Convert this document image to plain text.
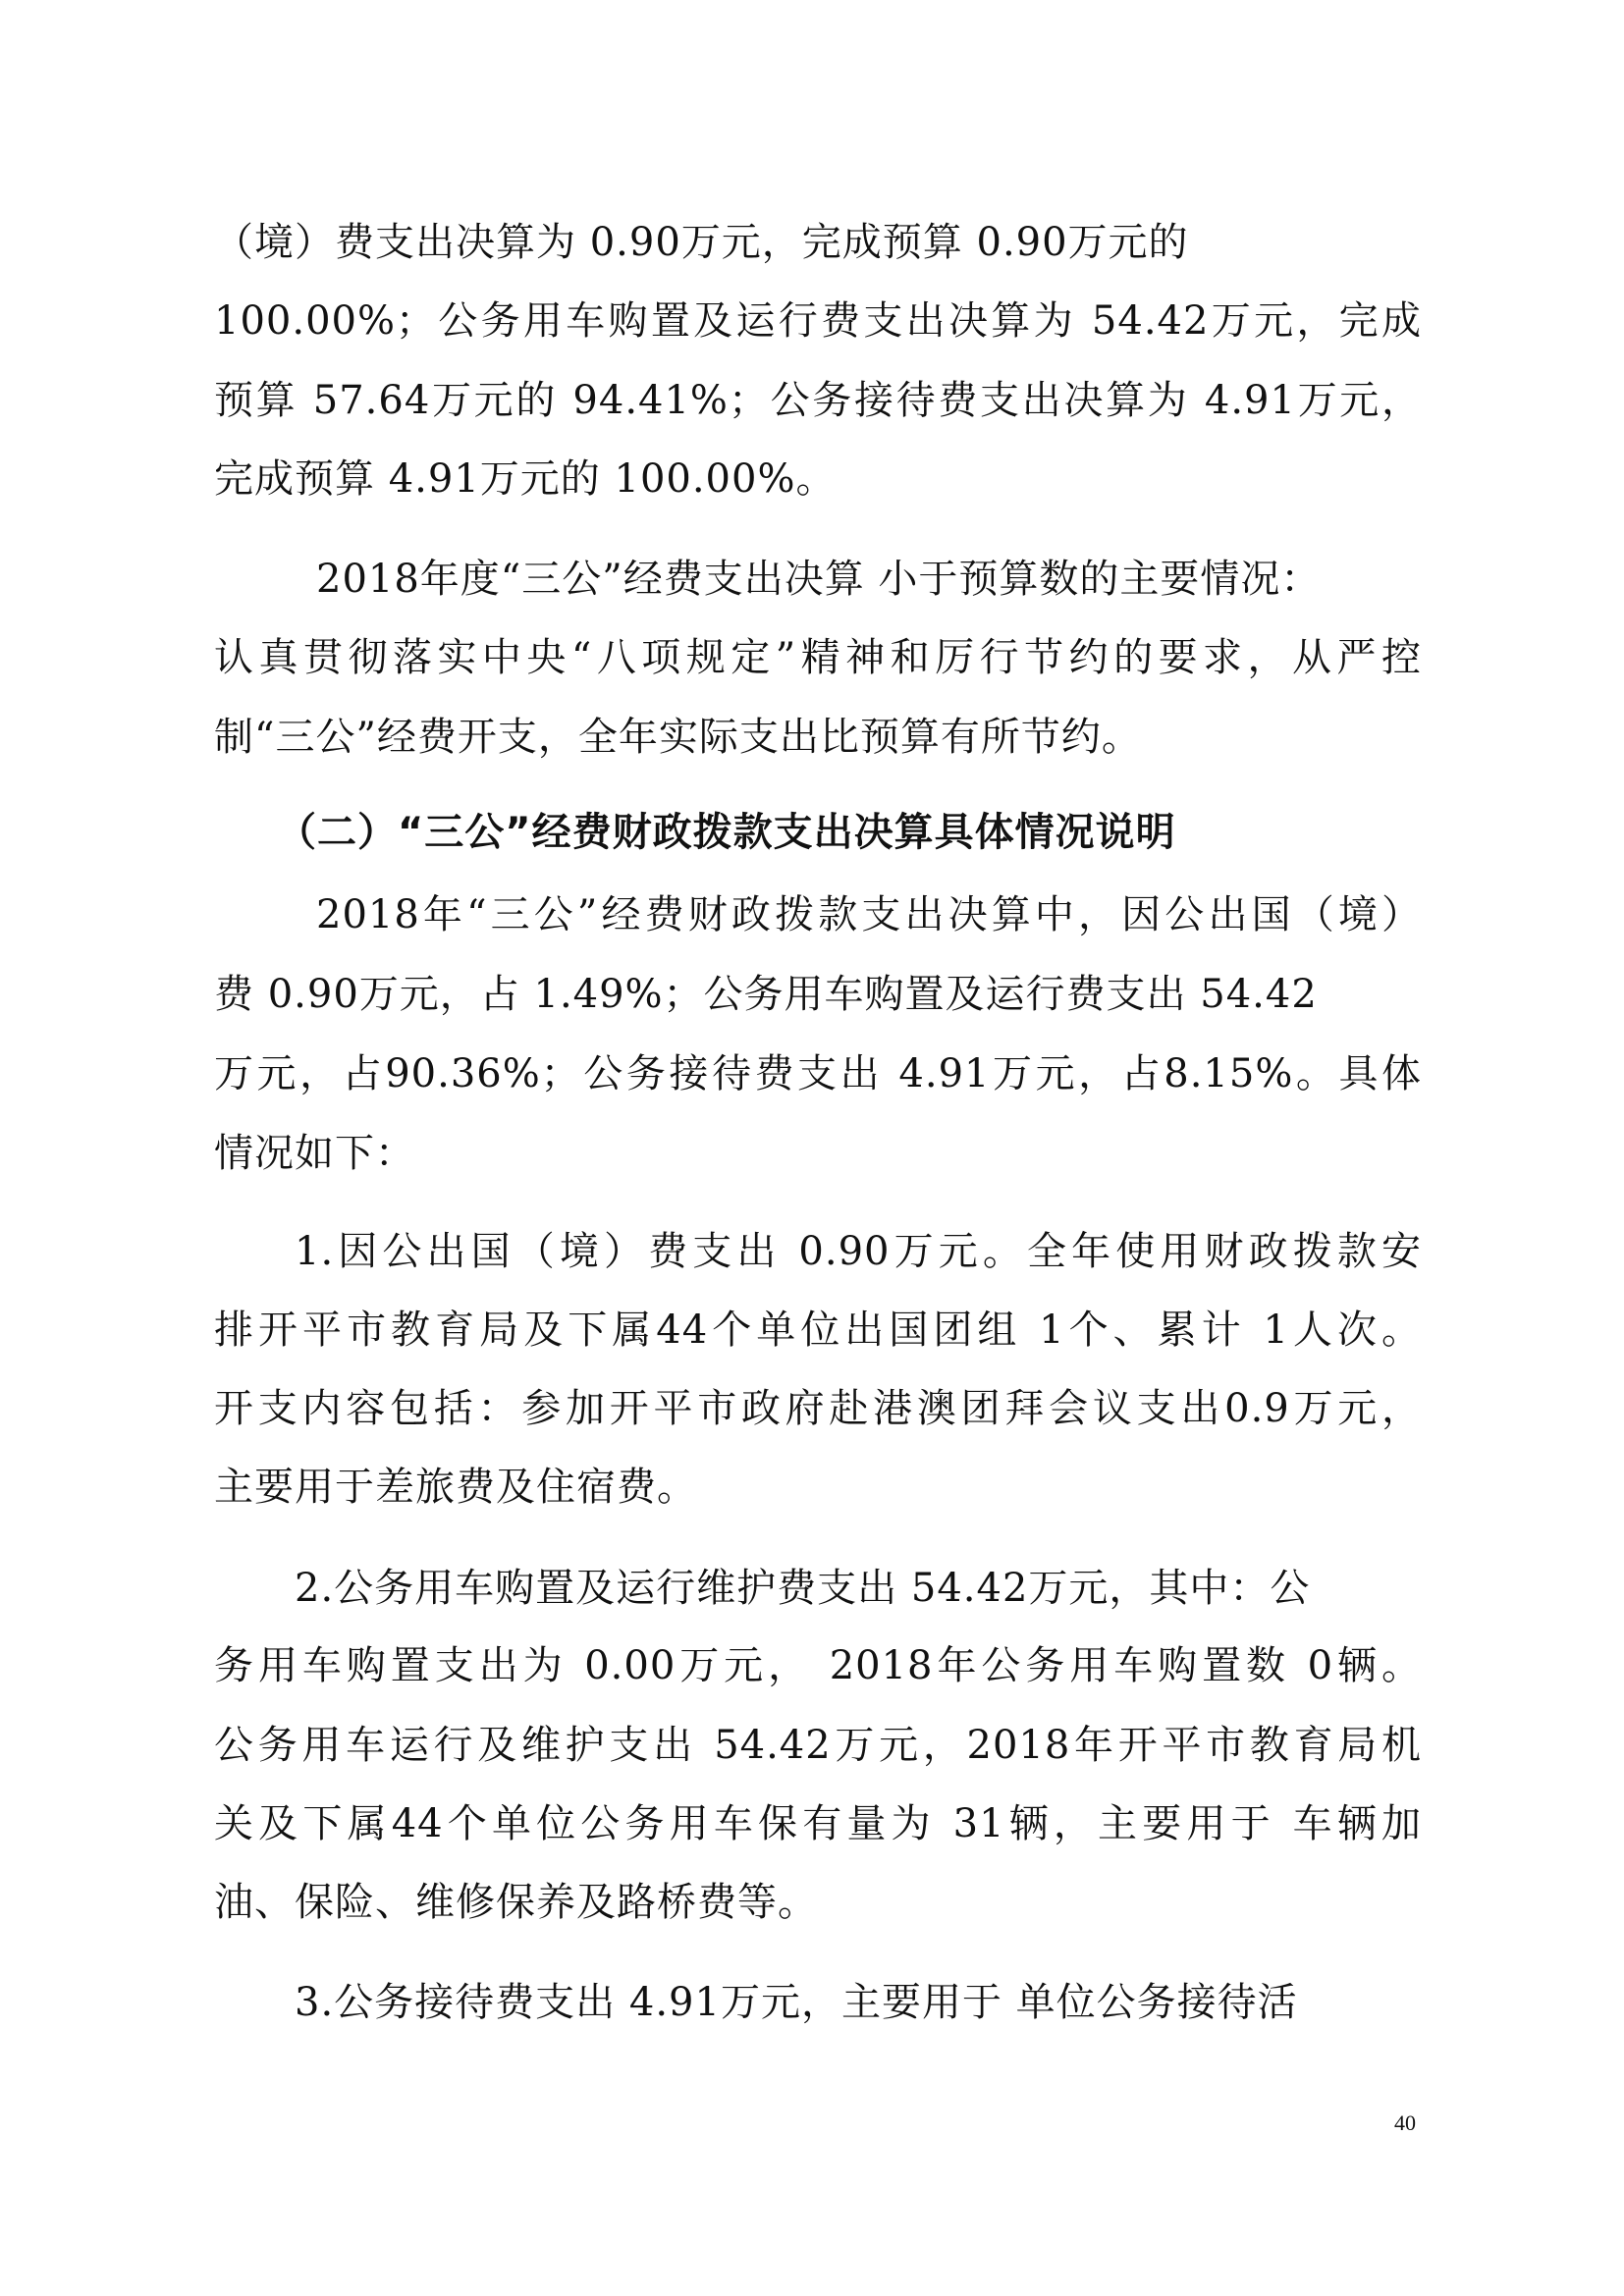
（境）费支出决算为 0.90万元，完成预算 0.90万元的
100.00%；公务用车购置及运行费支出决算为 54.42万元，完成
预算 57.64万元的 94.41%；公务接待费支出决算为 4.91万元，
完成预算 4.91万元的 100.00%。
2018年度“三公”经费支出决算 小于预算数的主要情况：
认真贯彻落实中央“八项规定”精神和厉行节约的要求，从严控
制“三公”经费开支，全年实际支出比预算有所节约。
（二）“三公”经费财政拨款支出决算具体情况说明
2018年“三公”经费财政拨款支出决算中，因公出国（境）
费 0.90万元，占 1.49%；公务用车购置及运行费支出 54.42
万元，占90.36%；公务接待费支出 4.91万元，占8.15%。具体
情况如下：
1.因公出国（境）费支出 0.90万元。全年使用财政拨款安
排开平市教育局及下属44个单位出国团组 1个、累计 1人次。
开支内容包括：参加开平市政府赴港澳团拜会议支出0.9万元，
主要用于差旅费及住宿费。
2.公务用车购置及运行维护费支出 54.42万元，其中：公
务用车购置支出为 0.00万元， 2018年公务用车购置数 0辆。
公务用车运行及维护支出 54.42万元，2018年开平市教育局机
关及下属44个单位公务用车保有量为 31辆，主要用于 车辆加
油、保险、维修保养及路桥费等。
3.公务接待费支出 4.91万元，主要用于 单位公务接待活
40
